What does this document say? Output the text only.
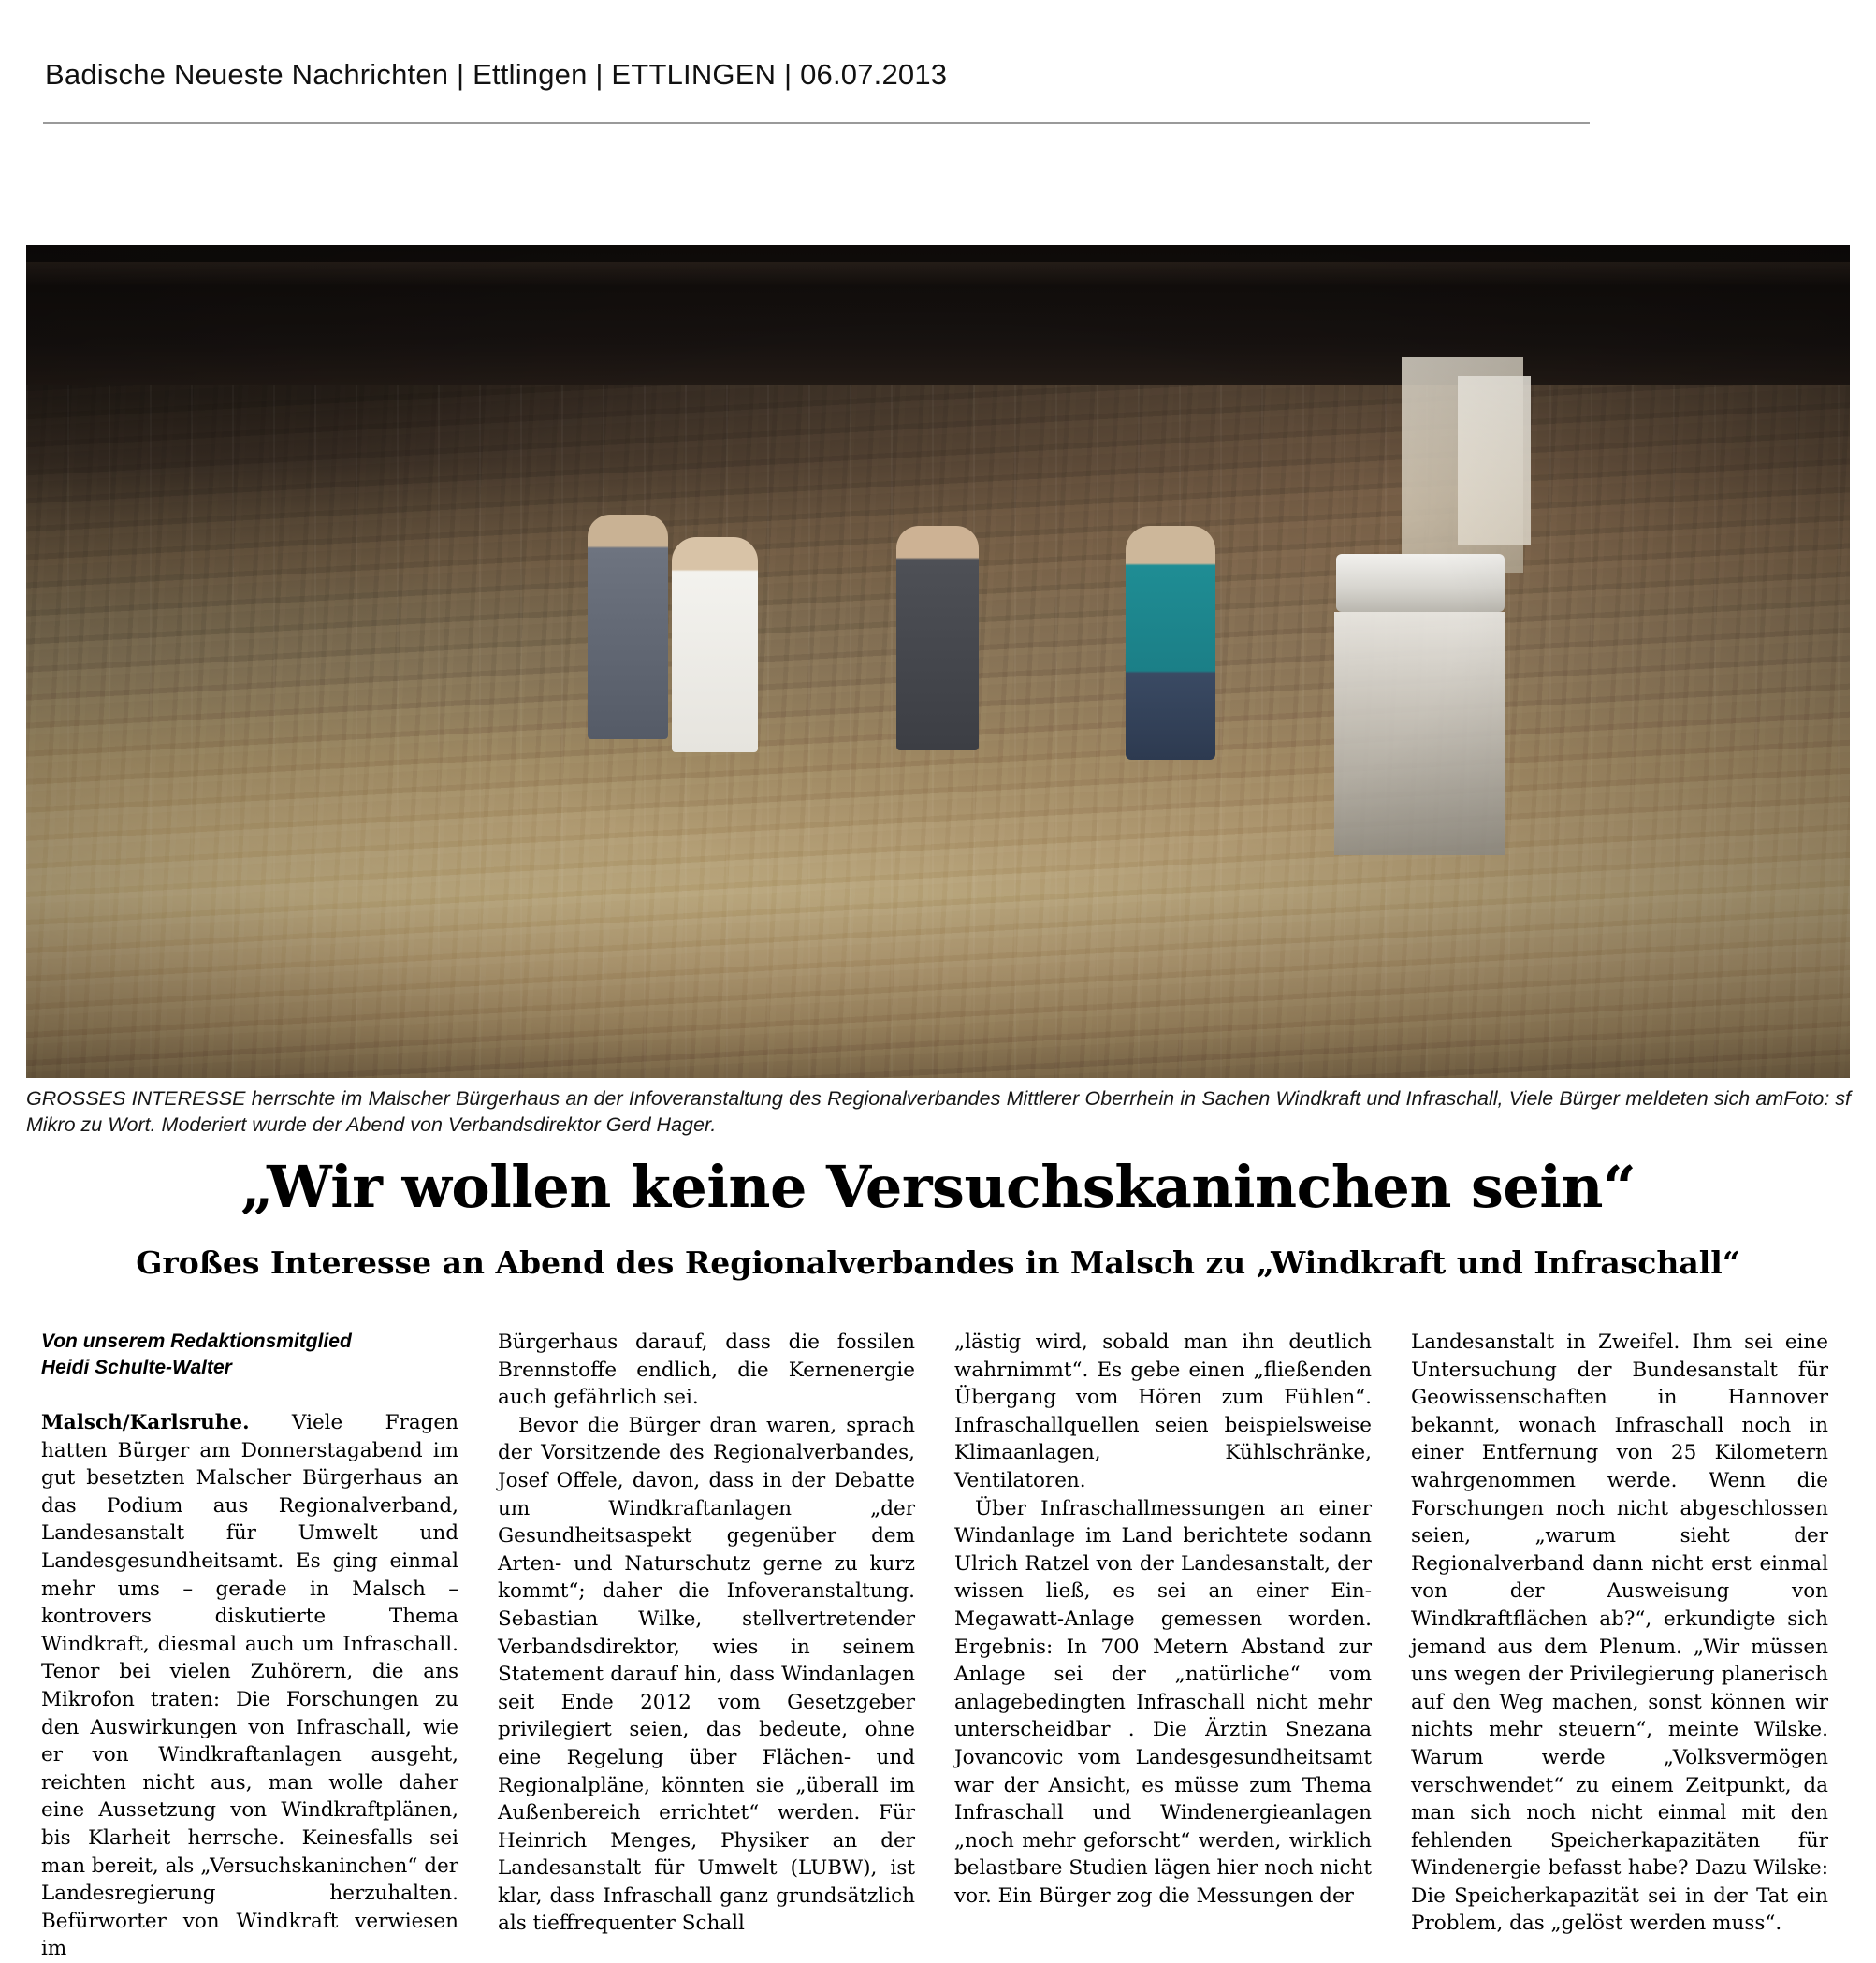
Badische Neueste Nachrichten | Ettlingen | ETTLINGEN | 06.07.2013
Foto: sf
GROSSES INTERESSE herrschte im Malscher Bürgerhaus an der Infoveranstaltung des Regionalverbandes Mittlerer Oberrhein in Sachen Windkraft und Infraschall, Viele Bürger meldeten sich am Mikro zu Wort. Moderiert wurde der Abend von Verbandsdirektor Gerd Hager.
„Wir wollen keine Versuchskaninchen sein“
Großes Interesse an Abend des Regionalverbandes in Malsch zu „Windkraft und Infraschall“
Von unserem Redaktionsmitglied
Heidi Schulte-Walter

Malsch/Karlsruhe. Viele Fragen hatten Bürger am Donnerstagabend im gut besetzten Malscher Bürgerhaus an das Podium aus Regionalverband, Landesanstalt für Umwelt und Landesgesundheitsamt. Es ging einmal mehr ums – gerade in Malsch – kontrovers diskutierte Thema Windkraft, diesmal auch um Infraschall. Tenor bei vielen Zuhörern, die ans Mikrofon traten: Die Forschungen zu den Auswirkungen von Infraschall, wie er von Windkraftanlagen ausgeht, reichten nicht aus, man wolle daher eine Aussetzung von Windkraftplänen, bis Klarheit herrsche. Keinesfalls sei man bereit, als „Versuchskaninchen“ der Landesregierung herzuhalten. Befürworter von Windkraft verwiesen im

Bürgerhaus darauf, dass die fossilen Brennstoffe endlich, die Kernenergie auch gefährlich sei.

Bevor die Bürger dran waren, sprach der Vorsitzende des Regionalverbandes, Josef Offele, davon, dass in der Debatte um Windkraftanlagen „der Gesundheitsaspekt gegenüber dem Arten- und Naturschutz gerne zu kurz kommt“; daher die Infoveranstaltung. Sebastian Wilke, stellvertretender Verbandsdirektor, wies in seinem Statement darauf hin, dass Windanlagen seit Ende 2012 vom Gesetzgeber privilegiert seien, das bedeute, ohne eine Regelung über Flächen- und Regionalpläne, könnten sie „überall im Außenbereich errichtet“ werden. Für Heinrich Menges, Physiker an der Landesanstalt für Umwelt (LUBW), ist klar, dass Infraschall ganz grundsätzlich als tieffrequenter Schall

„lästig wird, sobald man ihn deutlich wahrnimmt“. Es gebe einen „fließenden Übergang vom Hören zum Fühlen“. Infraschallquellen seien beispielsweise Klimaanlagen, Kühlschränke, Ventilatoren.

Über Infraschallmessungen an einer Windanlage im Land berichtete sodann Ulrich Ratzel von der Landesanstalt, der wissen ließ, es sei an einer Ein-Megawatt-Anlage gemessen worden. Ergebnis: In 700 Metern Abstand zur Anlage sei der „natürliche“ vom anlagebedingten Infraschall nicht mehr unterscheidbar . Die Ärztin Snezana Jovancovic vom Landesgesundheitsamt war der Ansicht, es müsse zum Thema Infraschall und Windenergieanlagen „noch mehr geforscht“ werden, wirklich belastbare Studien lägen hier noch nicht vor. Ein Bürger zog die Messungen der

Landesanstalt in Zweifel. Ihm sei eine Untersuchung der Bundesanstalt für Geowissenschaften in Hannover bekannt, wonach Infraschall noch in einer Entfernung von 25 Kilometern wahrgenommen werde. Wenn die Forschungen noch nicht abgeschlossen seien, „warum sieht der Regionalverband dann nicht erst einmal von der Ausweisung von Windkraftflächen ab?“, erkundigte sich jemand aus dem Plenum. „Wir müssen uns wegen der Privilegierung planerisch auf den Weg machen, sonst können wir nichts mehr steuern“, meinte Wilske. Warum werde „Volksvermögen verschwendet“ zu einem Zeitpunkt, da man sich noch nicht einmal mit den fehlenden Speicherkapazitäten für Windenergie befasst habe? Dazu Wilske: Die Speicherkapazität sei in der Tat ein Problem, das „gelöst werden muss“.
